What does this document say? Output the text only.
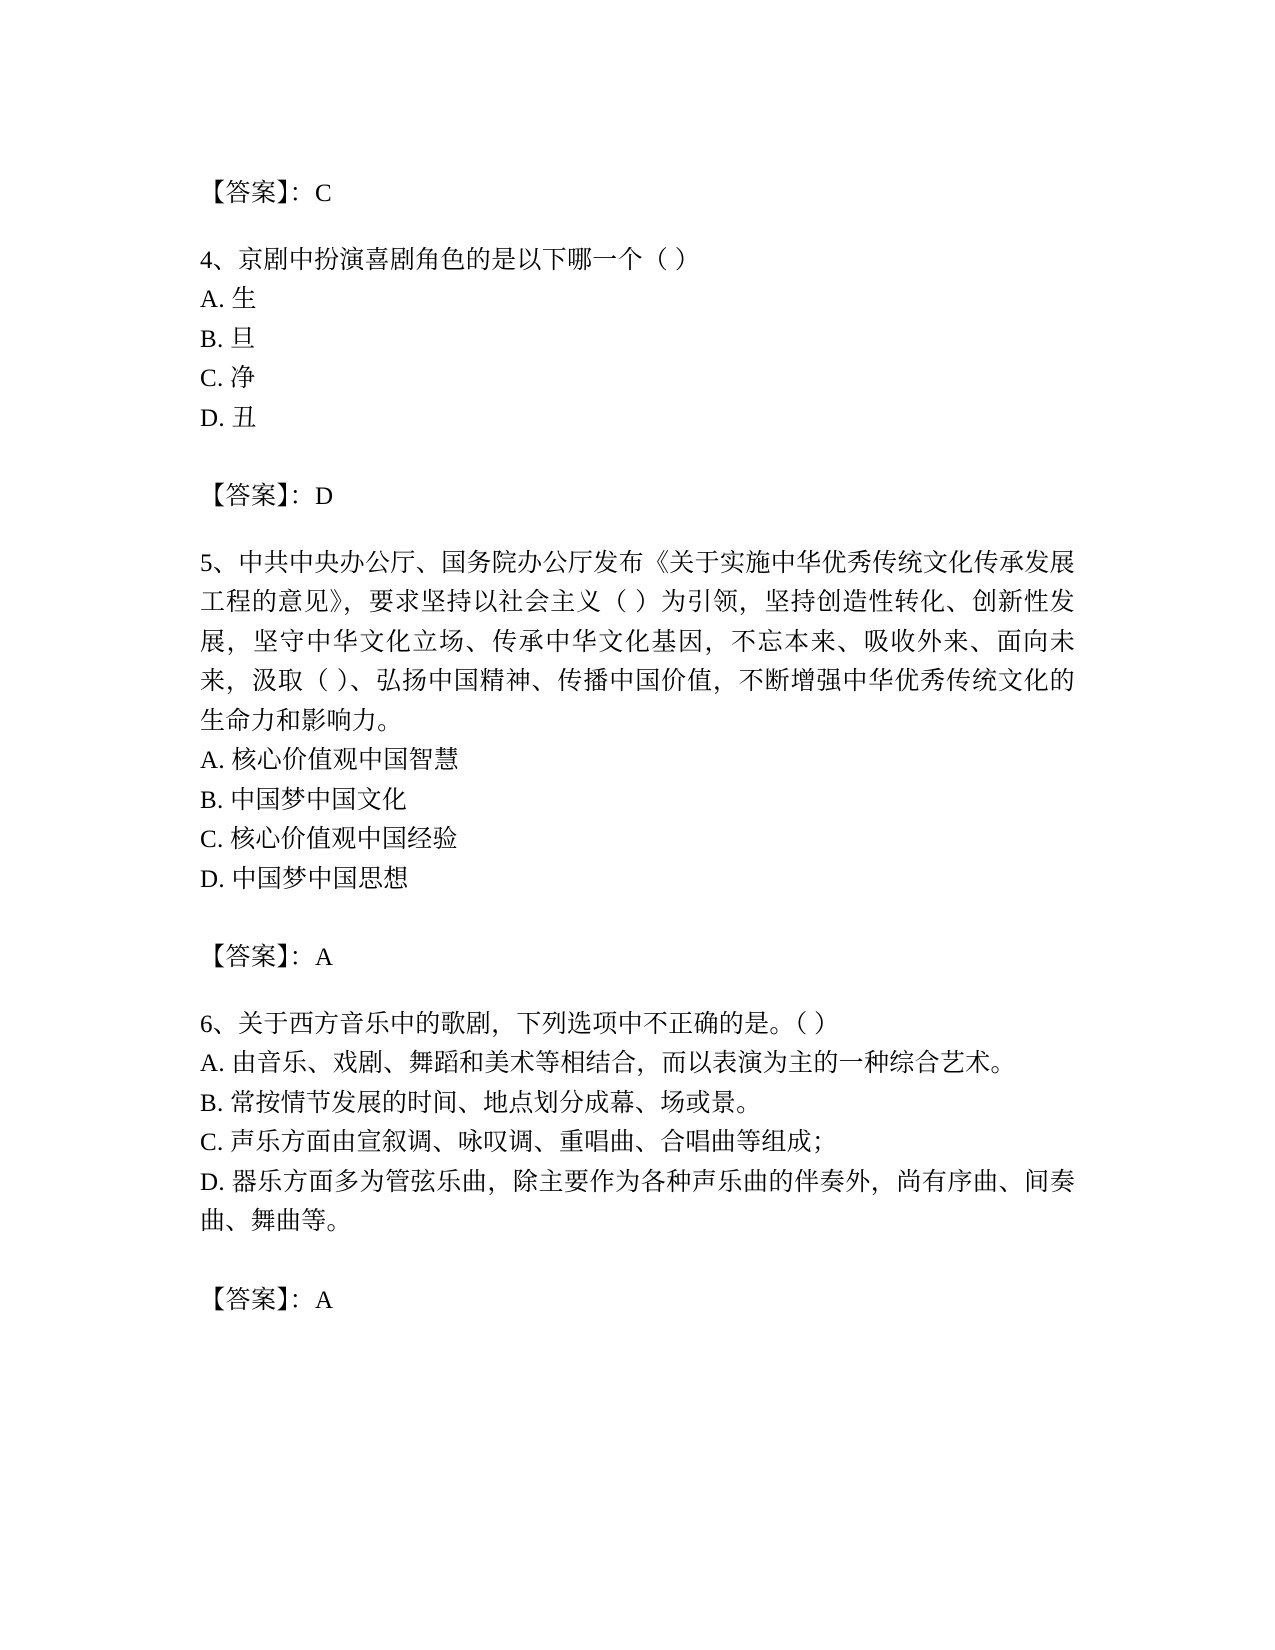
【答案】：C

4、京剧中扮演喜剧角色的是以下哪一个（ ）

A. 生

B. 旦

C. 净

D. 丑

【答案】：D

5、中共中央办公厅、国务院办公厅发布《关于实施中华优秀传统文化传承发展工程的意见》，要求坚持以社会主义（ ）为引领，坚持创造性转化、创新性发展，坚守中华文化立场、传承中华文化基因，不忘本来、吸收外来、面向未来，汲取（ ）、弘扬中国精神、传播中国价值，不断增强中华优秀传统文化的生命力和影响力。

A. 核心价值观中国智慧

B. 中国梦中国文化

C. 核心价值观中国经验

D. 中国梦中国思想

【答案】：A

6、关于西方音乐中的歌剧，下列选项中不正确的是。（ ）

A. 由音乐、戏剧、舞蹈和美术等相结合，而以表演为主的一种综合艺术。

B. 常按情节发展的时间、地点划分成幕、场或景。

C. 声乐方面由宣叙调、咏叹调、重唱曲、合唱曲等组成；

D. 器乐方面多为管弦乐曲，除主要作为各种声乐曲的伴奏外，尚有序曲、间奏曲、舞曲等。

【答案】：A
